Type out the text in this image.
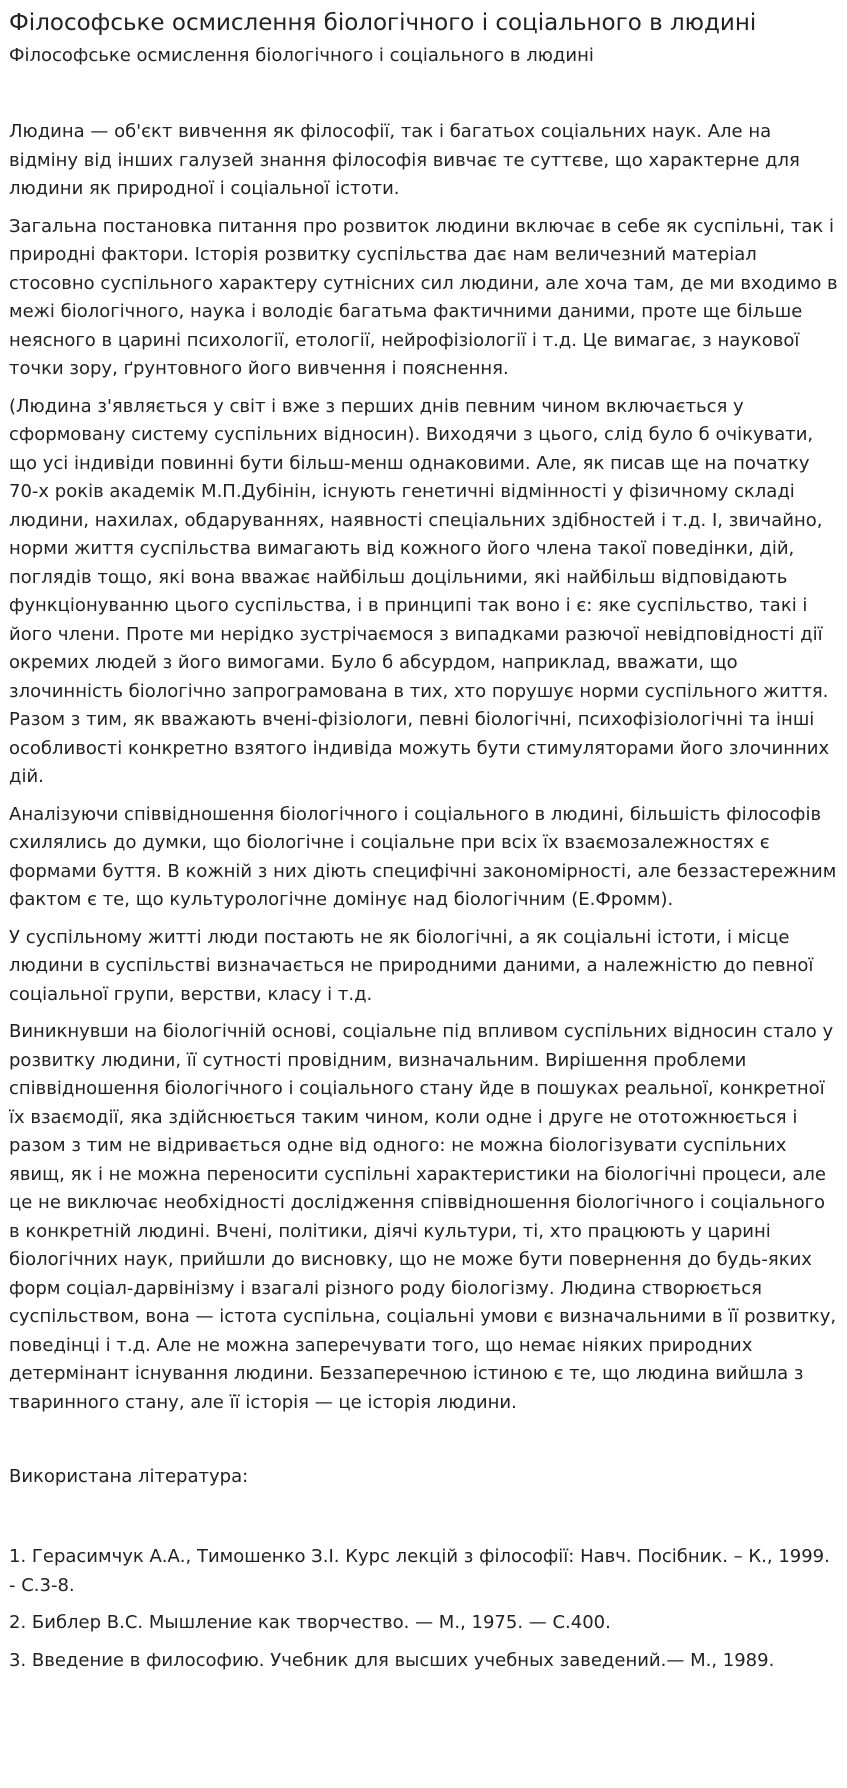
Філософське осмислення біологічного і соціального в людині
Філософське осмислення біологічного і соціального в людині

Людина — об'єкт вивчення як філософії, так і багатьох соціальних наук. Але на відміну від інших галузей знання філософія вивчає те суттєве, що характерне для людини як природної і соціальної істоти.

Загальна постановка питання про розвиток людини включає в себе як суспільні, так і природні фактори. Історія розвитку суспільства дає нам величезний матеріал стосовно суспільного характеру сутнісних сил людини, але хоча там, де ми входимо в межі біологічного, наука і володіє багатьма фактичними даними, проте ще більше неясного в царині психології, етології, нейрофізіології і т.д. Це вимагає, з наукової точки зору, ґрунтовного його вивчення і пояснення.

(Людина з'являється у світ і вже з перших днів певним чином включається у сформовану систему суспільних відносин). Виходячи з цього, слід було б очікувати, що усі індивіди повинні бути більш-менш однаковими. Але, як писав ще на початку 70-х років академік М.П.Дубінін, існують генетичні відмінності у фізичному складі людини, нахилах, обдаруваннях, наявності спеціальних здібностей і т.д. І, звичайно, норми життя суспільства вимагають від кожного його члена такої поведінки, дій, поглядів тощо, які вона вважає найбільш доцільними, які найбільш відповідають функціонуванню цього суспільства, і в принципі так воно і є: яке суспільство, такі і його члени. Проте ми нерідко зустрічаємося з випадками разючої невідповідності дії окремих людей з його вимогами. Було б абсурдом, наприклад, вважати, що злочинність біологічно запрограмована в тих, хто порушує норми суспільного життя. Разом з тим, як вважають вчені-фізіологи, певні біологічні, психофізіологічні та інші особливості конкретно взятого індивіда можуть бути стимуляторами його злочинних дій.

Аналізуючи співвідношення біологічного і соціального в людині, більшість філософів схилялись до думки, що біологічне і соціальне при всіх їх взаємозалежностях є формами буття. В кожній з них діють специфічні закономірності, але беззастережним фактом є те, що культурологічне домінує над біологічним (Е.Фромм).

У суспільному житті люди постають не як біологічні, а як соціальні істоти, і місце людини в суспільстві визначається не природними даними, а належністю до певної соціальної групи, верстви, класу і т.д.

Виникнувши на біологічній основі, соціальне під впливом суспільних відносин стало у розвитку людини, її сутності провідним, визначальним. Вирішення проблеми співвідношення біологічного і соціального стану йде в пошуках реальної, конкретної їх взаємодії, яка здійснюється таким чином, коли одне і друге не ототожнюється і разом з тим не відривається одне від одного: не можна біологізувати суспільних явищ, як і не можна переносити суспільні характеристики на біологічні процеси, але це не виключає необхідності дослідження співвідношення біологічного і соціального в конкретній людині. Вчені, політики, діячі культури, ті, хто працюють у царині біологічних наук, прийшли до висновку, що не може бути повернення до будь-яких форм соціал-дарвінізму і взагалі різного роду біологізму. Людина створюється суспільством, вона — істота суспільна, соціальні умови є визначальними в її розвитку, поведінці і т.д. Але не можна заперечувати того, що немає ніяких природних детермінант існування людини. Беззаперечною істиною є те, що людина вийшла з тваринного стану, але її історія — це історія людини.

Використана література:
1. Герасимчук А.А., Тимошенко З.І. Курс лекцій з філософії: Навч. Посібник. – К., 1999. - С.3-8.
2. Библер В.С. Мышление как творчество. — М., 1975. — С.400.
3. Введение в философию. Учебник для высших учебных заведений.— М., 1989.
